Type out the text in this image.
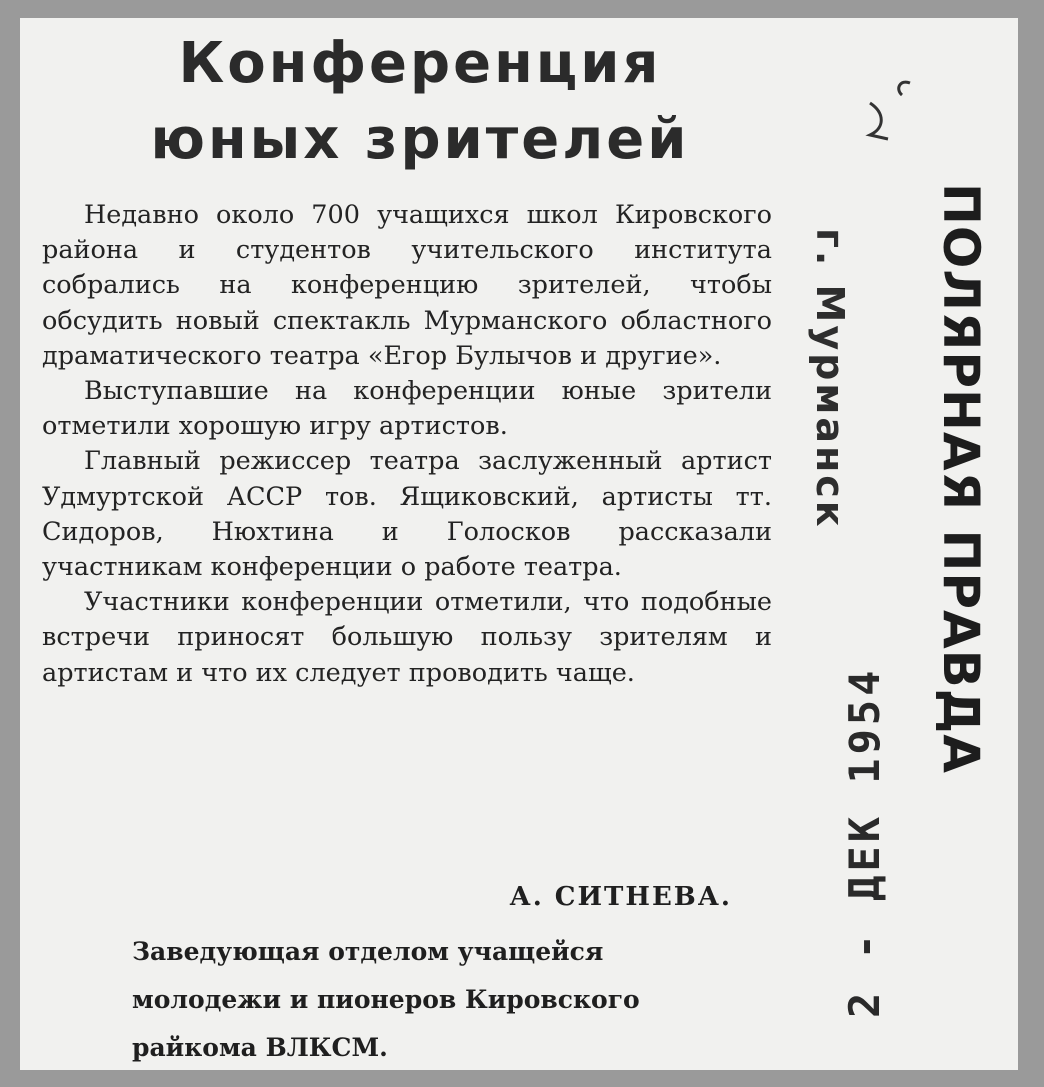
Конференция
юных зрителей

Недавно около 700 учащихся школ Кировского района и студентов учительского института собрались на конференцию зрителей, чтобы обсудить новый спектакль Мурманского областного драматического театра «Егор Булычов и другие».

Выступавшие на конференции юные зрители отметили хорошую игру артистов.

Главный режиссер театра заслуженный артист Удмуртской АССР тов. Ящиковский, артисты тт. Сидоров, Нюхтина и Голосков рассказали участникам конференции о работе театра.

Участники конференции отметили, что подобные встречи приносят большую пользу зрителям и артистам и что их следует проводить чаще.

А. СИТНЕВА.
Заведующая отделом учащейся
молодежи и пионеров Кировского
райкома ВЛКСМ.
ПОЛЯРНАЯ ПРАВДА
г. Мурманск
2 - ДЕК 1954
